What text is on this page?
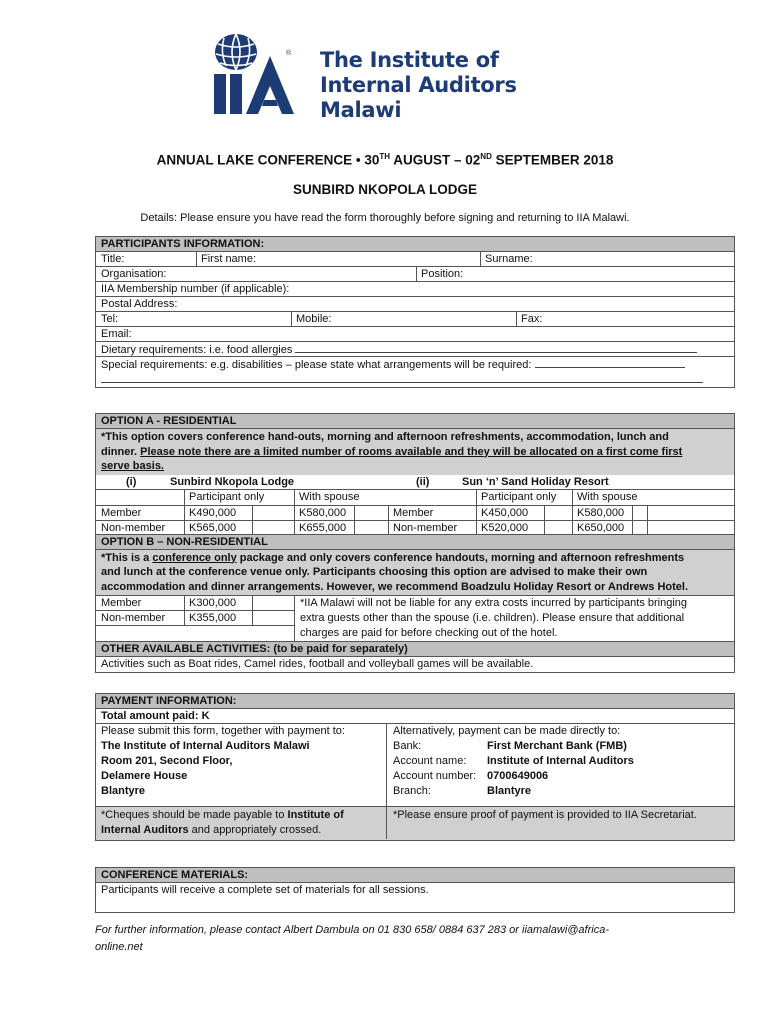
® The Institute of
Internal Auditors
Malawi
ANNUAL LAKE CONFERENCE • 30TH AUGUST – 02ND SEPTEMBER 2018
SUNBIRD NKOPOLA LODGE
Details: Please ensure you have read the form thoroughly before signing and returning to IIA Malawi.
PARTICIPANTS INFORMATION:
Title:	First name:	Surname:
Organisation:	Position:
IIA Membership number (if applicable):
Postal Address:
Tel:	Mobile:	Fax:
Email:
Dietary requirements: i.e. food allergies
Special requirements: e.g. disabilities – please state what arrangements will be required:
OPTION A - RESIDENTIAL
*This option covers conference hand-outs, morning and afternoon refreshments, accommodation, lunch and
dinner. Please note there are a limited number of rooms available and they will be allocated on a first come first
serve basis.
(i)	Sunbird Nkopola Lodge	(ii)	Sun ‘n’ Sand Holiday Resort
Participant only	With spouse	Participant only	With spouse
Member	K490,000	K580,000	Member	K450,000	K580,000
Non-member	K565,000	K655,000	Non-member	K520,000	K650,000
OPTION B – NON-RESIDENTIAL
*This is a conference only package and only covers conference handouts, morning and afternoon refreshments
and lunch at the conference venue only. Participants choosing this option are advised to make their own
accommodation and dinner arrangements. However, we recommend Boadzulu Holiday Resort or Andrews Hotel.
Member	K300,000
Non-member	K355,000
*IIA Malawi will not be liable for any extra costs incurred by participants bringing
extra guests other than the spouse (i.e. children). Please ensure that additional
charges are paid for before checking out of the hotel.
OTHER AVAILABLE ACTIVITIES: (to be paid for separately)
Activities such as Boat rides, Camel rides, football and volleyball games will be available.
PAYMENT INFORMATION:
Total amount paid: K
Please submit this form, together with payment to:
The Institute of Internal Auditors Malawi
Room 201, Second Floor,
Delamere House
Blantyre
Alternatively, payment can be made directly to:
Bank:	First Merchant Bank (FMB)
Account name: Institute of Internal Auditors
Account number: 0700649006
Branch:	Blantyre
*Cheques should be made payable to Institute of
Internal Auditors and appropriately crossed.
*Please ensure proof of payment is provided to IIA Secretariat.
CONFERENCE MATERIALS:
Participants will receive a complete set of materials for all sessions.
For further information, please contact Albert Dambula on 01 830 658/ 0884 637 283 or iiamalawi@africa-online.net
